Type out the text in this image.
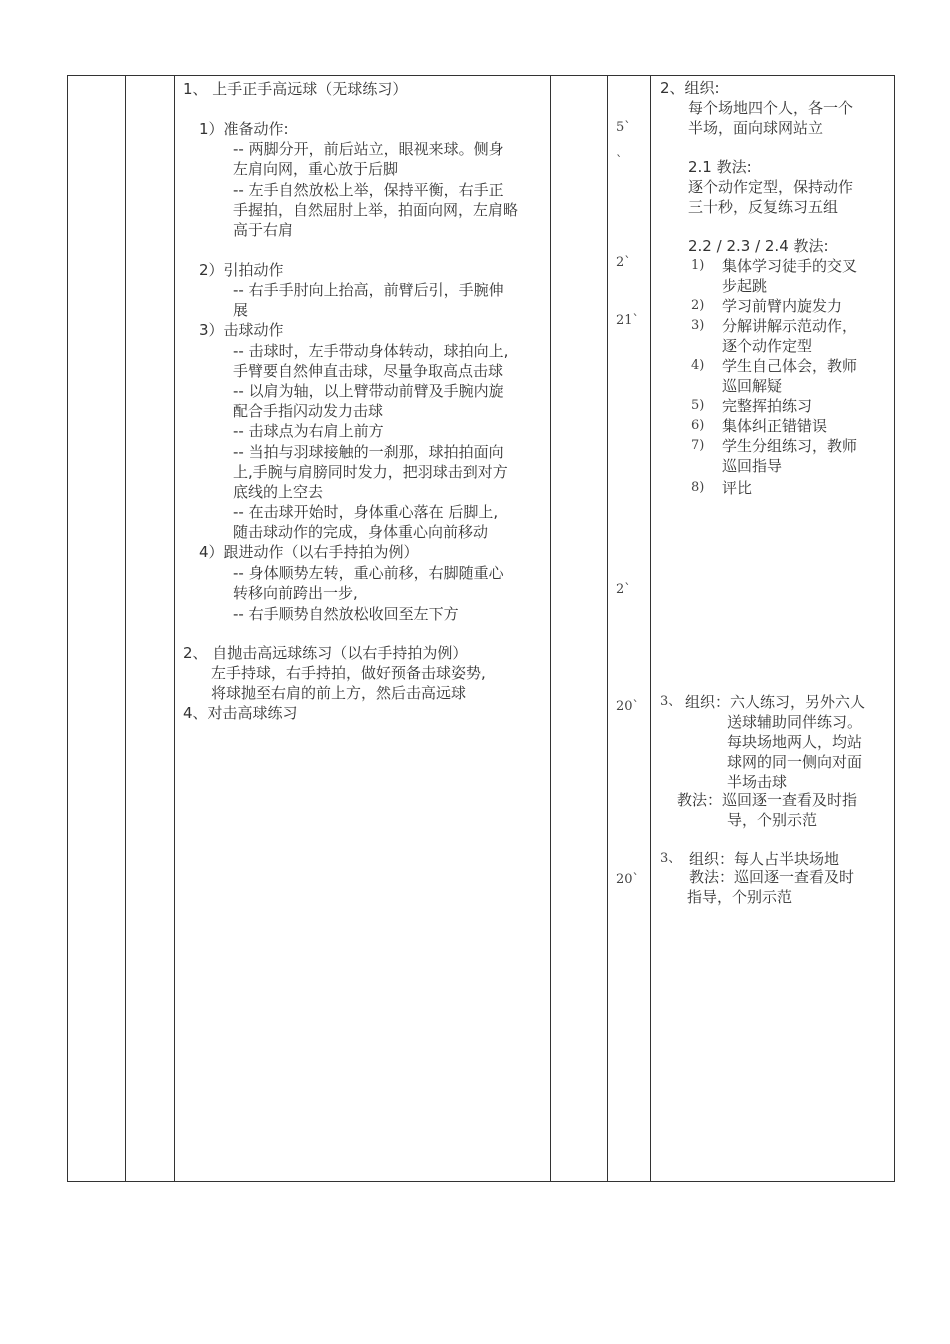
1、 上手正手高远球（无球练习）
1）准备动作:
-- 两脚分开，前后站立，眼视来球。侧身
左肩向网，重心放于后脚
-- 左手自然放松上举，保持平衡，右手正
手握拍，自然屈肘上举，拍面向网，左肩略
高于右肩
2）引拍动作
-- 右手手肘向上抬高，前臂后引，手腕伸
展
3）击球动作
-- 击球时，左手带动身体转动，球拍向上,
手臂要自然伸直击球，尽量争取高点击球
-- 以肩为轴，以上臂带动前臂及手腕内旋
配合手指闪动发力击球
-- 击球点为右肩上前方
-- 当拍与羽球接触的一刹那，球拍拍面向
上,手腕与肩膀同时发力，把羽球击到对方
底线的上空去
-- 在击球开始时，身体重心落在 后脚上,
随击球动作的完成，身体重心向前移动
4）跟进动作（以右手持拍为例）
-- 身体顺势左转，重心前移，右脚随重心
转移向前跨出一步,
-- 右手顺势自然放松收回至左下方
2、 自抛击高远球练习（以右手持拍为例）
左手持球，右手持拍，做好预备击球姿势,
将球抛至右肩的前上方，然后击高远球
4、对击高球练习
5`
`
2`
21`
2`
20`
20`
2、组织:
每个场地四个人，各一个
半场，面向球网站立
2.1 教法:
逐个动作定型，保持动作
三十秒，反复练习五组
2.2 / 2.3 / 2.4 教法:
1) 集体学习徒手的交叉
步起跳
2) 学习前臂内旋发力
3) 分解讲解示范动作，
逐个动作定型
4) 学生自己体会，教师
巡回解疑
5) 完整挥拍练习
6) 集体纠正错错误
7) 学生分组练习，教师
巡回指导
8) 评比
3、 组织：六人练习，另外六人
送球辅助同伴练习。
每块场地两人，均站
球网的同一侧向对面
半场击球
教法：巡回逐一查看及时指
导，个别示范
3、 组织：每人占半块场地
教法：巡回逐一查看及时
指导，个别示范
